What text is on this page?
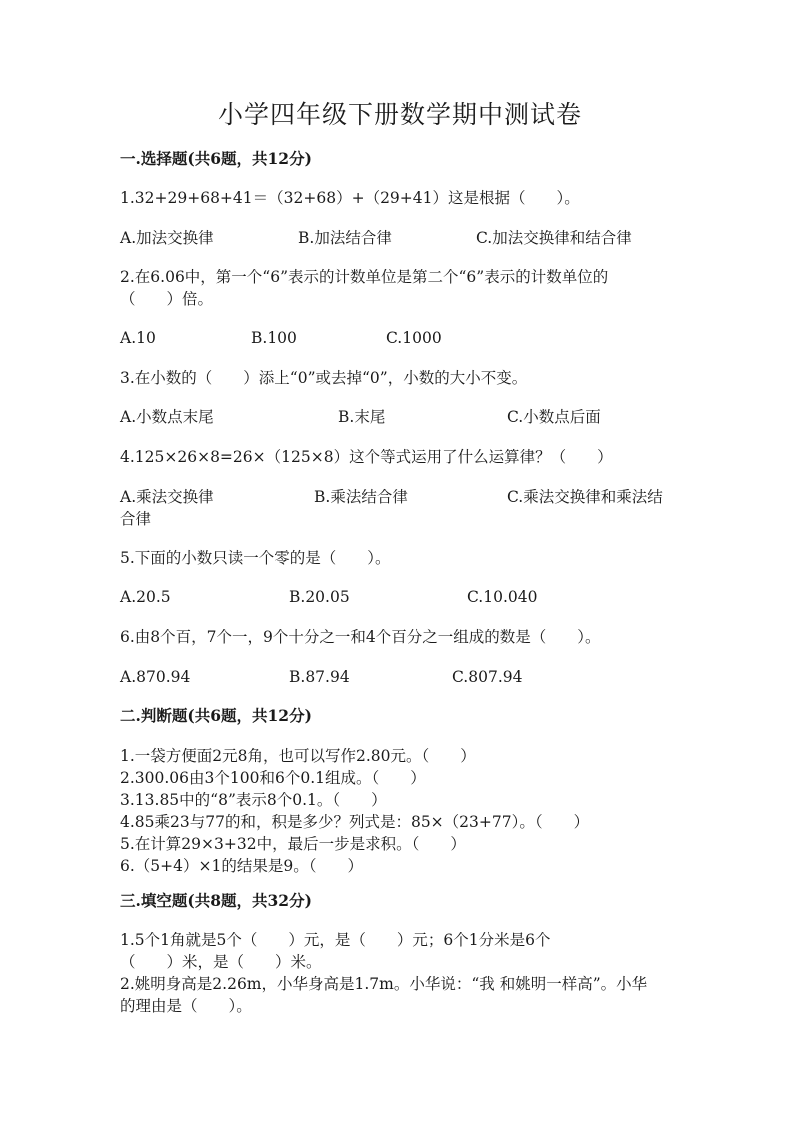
小学四年级下册数学期中测试卷
一.选择题(共6题，共12分)
1.32+29+68+41＝（32+68）+（29+41）这是根据（　　）。
A.加法交换律	B.加法结合律	C.加法交换律和结合律
2.在6.06中，第一个“6”表示的计数单位是第二个“6”表示的计数单位的
（　　）倍。
A.10	B.100	C.1000
3.在小数的（　　）添上“0”或去掉“0”，小数的大小不变。
A.小数点末尾	B.末尾	C.小数点后面
4.125×26×8=26×（125×8）这个等式运用了什么运算律？（　　）
A.乘法交换律	B.乘法结合律	C.乘法交换律和乘法结
合律
5.下面的小数只读一个零的是（　　）。
A.20.5	B.20.05	C.10.040
6.由8个百，7个一，9个十分之一和4个百分之一组成的数是（　　）。
A.870.94	B.87.94	C.807.94
二.判断题(共6题，共12分)
1.一袋方便面2元8角，也可以写作2.80元。（　　）
2.300.06由3个100和6个0.1组成。（　　）
3.13.85中的“8”表示8个0.1。（　　）
4.85乘23与77的和，积是多少？列式是：85×（23+77）。（　　）
5.在计算29×3+32中，最后一步是求积。（　　）
6.（5+4）×1的结果是9。（　　）
三.填空题(共8题，共32分)
1.5个1角就是5个（　　）元，是（　　）元；6个1分米是6个
（　　）米，是（　　）米。
2.姚明身高是2.26m，小华身高是1.7m。小华说：“我 和姚明一样高”。小华
的理由是（　　）。
